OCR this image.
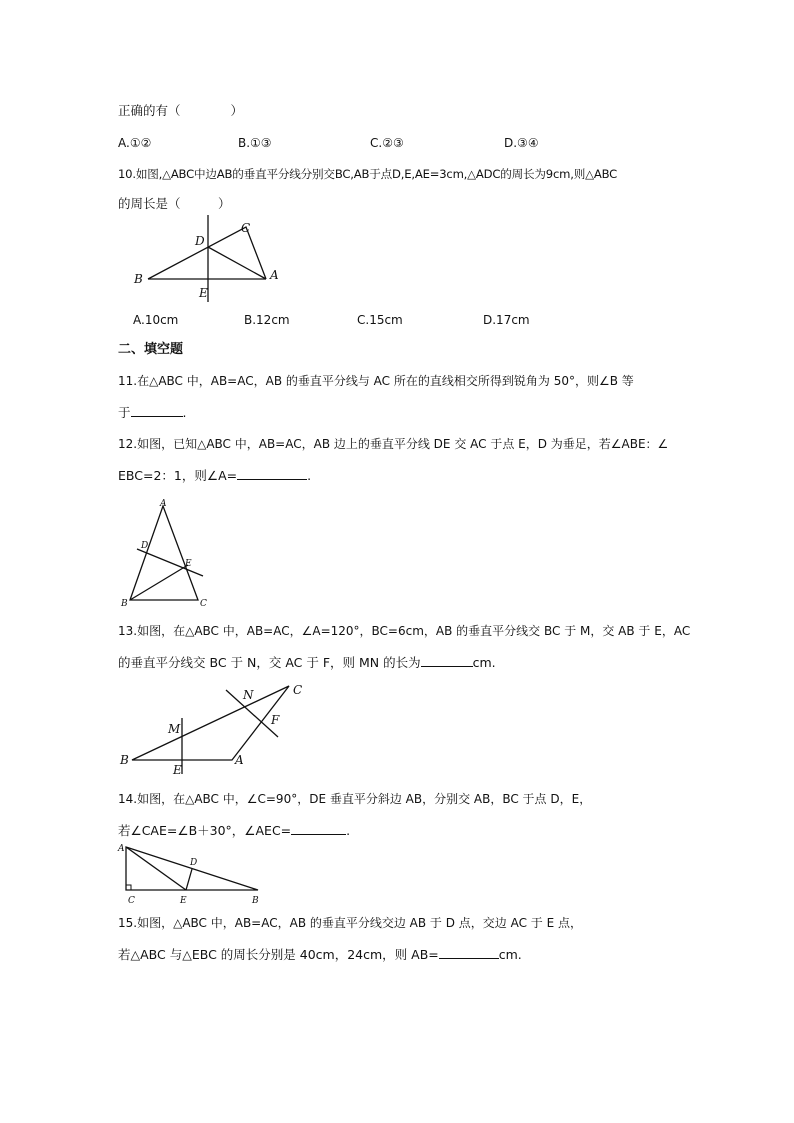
正确的有（　　　　）
A.①②	B.①③	C.②③	D.③④
10.如图,△ABC中边AB的垂直平分线分别交BC,AB于点D,E,AE=3cm,△ADC的周长为9cm,则△ABC
的周长是（　　　）
B
D
C
A
E
A.10cm	B.12cm	C.15cm	D.17cm
二、填空题
11.在△ABC 中，AB=AC，AB 的垂直平分线与 AC 所在的直线相交所得到锐角为 50°，则∠B 等
于	.
12.如图，已知△ABC 中，AB=AC，AB 边上的垂直平分线 DE 交 AC 于点 E，D 为垂足，若∠ABE：∠
EBC=2：1，则∠A=	.
A
D
E
B	C
13.如图，在△ABC 中，AB=AC，∠A=120°，BC=6cm，AB 的垂直平分线交 BC 于 M，交 AB 于 E，AC
的垂直平分线交 BC 于 N，交 AC 于 F，则 MN 的长为	cm.
N	C
F
M
B
E
A
14.如图，在△ABC 中，∠C=90°，DE 垂直平分斜边 AB，分别交 AB，BC 于点 D，E，
若∠CAE=∠B＋30°，∠AEC=	.
A
D
C	E	B
15.如图，△ABC 中，AB=AC，AB 的垂直平分线交边 AB 于 D 点，交边 AC 于 E 点，
若△ABC 与△EBC 的周长分别是 40cm，24cm，则 AB=	cm.
